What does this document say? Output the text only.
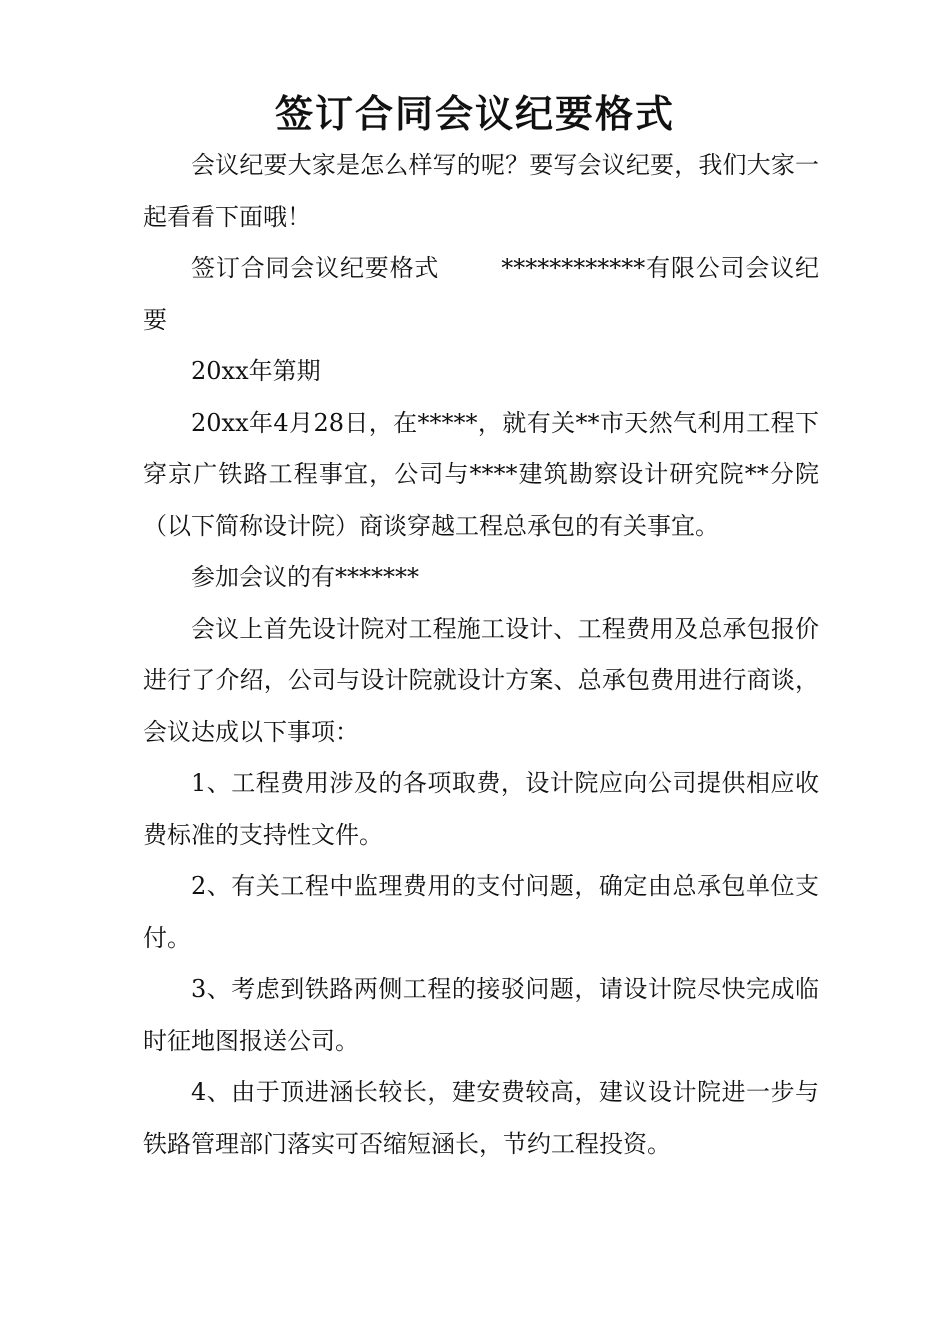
签订合同会议纪要格式

会议纪要大家是怎么样写的呢？要写会议纪要，我们大家一起看看下面哦！

签订合同会议纪要格式	************有限公司会议纪要

20xx年第期

20xx年4月28日，在*****，就有关**市天然气利用工程下穿京广铁路工程事宜，公司与****建筑勘察设计研究院**分院（以下简称设计院）商谈穿越工程总承包的有关事宜。

参加会议的有*******

会议上首先设计院对工程施工设计、工程费用及总承包报价进行了介绍，公司与设计院就设计方案、总承包费用进行商谈，会议达成以下事项：

1、工程费用涉及的各项取费，设计院应向公司提供相应收费标准的支持性文件。

2、有关工程中监理费用的支付问题，确定由总承包单位支付。

3、考虑到铁路两侧工程的接驳问题，请设计院尽快完成临时征地图报送公司。

4、由于顶进涵长较长，建安费较高，建议设计院进一步与铁路管理部门落实可否缩短涵长，节约工程投资。
